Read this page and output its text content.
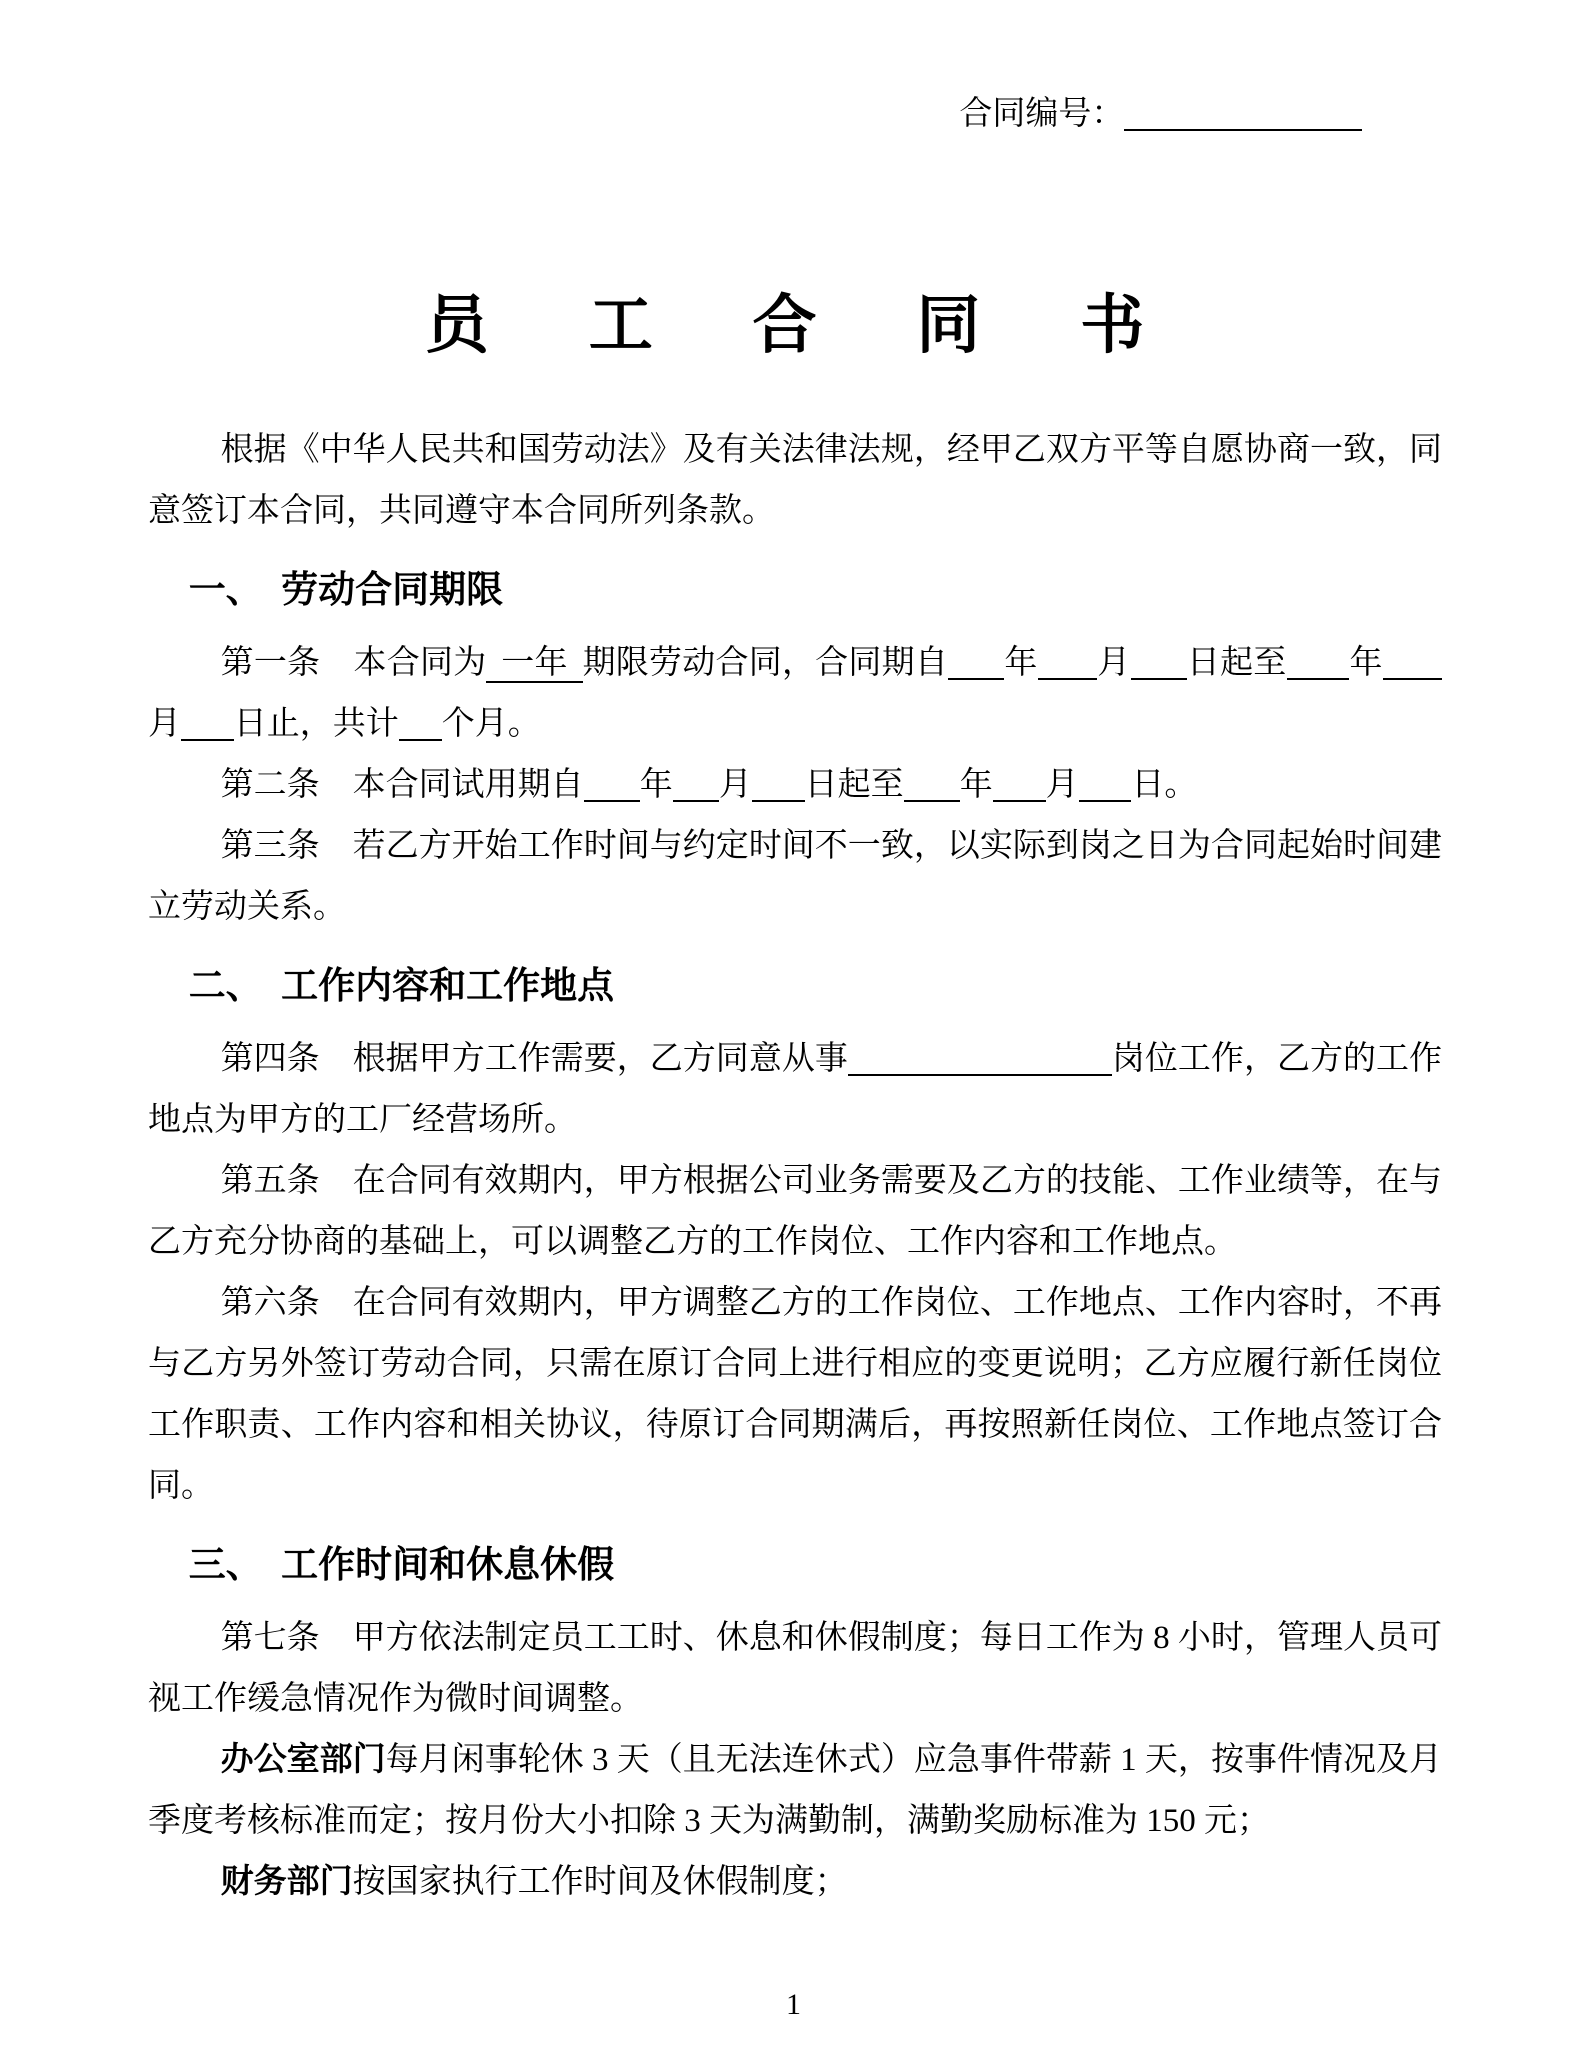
合同编号：
员　工　合　同　书

根据《中华人民共和国劳动法》及有关法律法规，经甲乙双方平等自愿协商一致，同意签订本合同，共同遵守本合同所列条款。

一、　劳动合同期限

第一条　本合同为 一年 期限劳动合同，合同期自 年 月 日起至 年月 日止，共计 个月。

第二条　本合同试用期自 年 月 日起至 年 月 日。

第三条　若乙方开始工作时间与约定时间不一致，以实际到岗之日为合同起始时间建立劳动关系。

二、　工作内容和工作地点

第四条　根据甲方工作需要，乙方同意从事	岗位工作，乙方的工作地点为甲方的工厂经营场所。

第五条　在合同有效期内，甲方根据公司业务需要及乙方的技能、工作业绩等，在与乙方充分协商的基础上，可以调整乙方的工作岗位、工作内容和工作地点。

第六条　在合同有效期内，甲方调整乙方的工作岗位、工作地点、工作内容时，不再与乙方另外签订劳动合同，只需在原订合同上进行相应的变更说明；乙方应履行新任岗位工作职责、工作内容和相关协议，待原订合同期满后，再按照新任岗位、工作地点签订合同。

三、　工作时间和休息休假

第七条　甲方依法制定员工工时、休息和休假制度；每日工作为 8 小时，管理人员可视工作缓急情况作为微时间调整。

办公室部门每月闲事轮休 3 天（且无法连休式）应急事件带薪 1 天，按事件情况及月季度考核标准而定；按月份大小扣除 3 天为满勤制，满勤奖励标准为 150 元；

财务部门按国家执行工作时间及休假制度；

1
